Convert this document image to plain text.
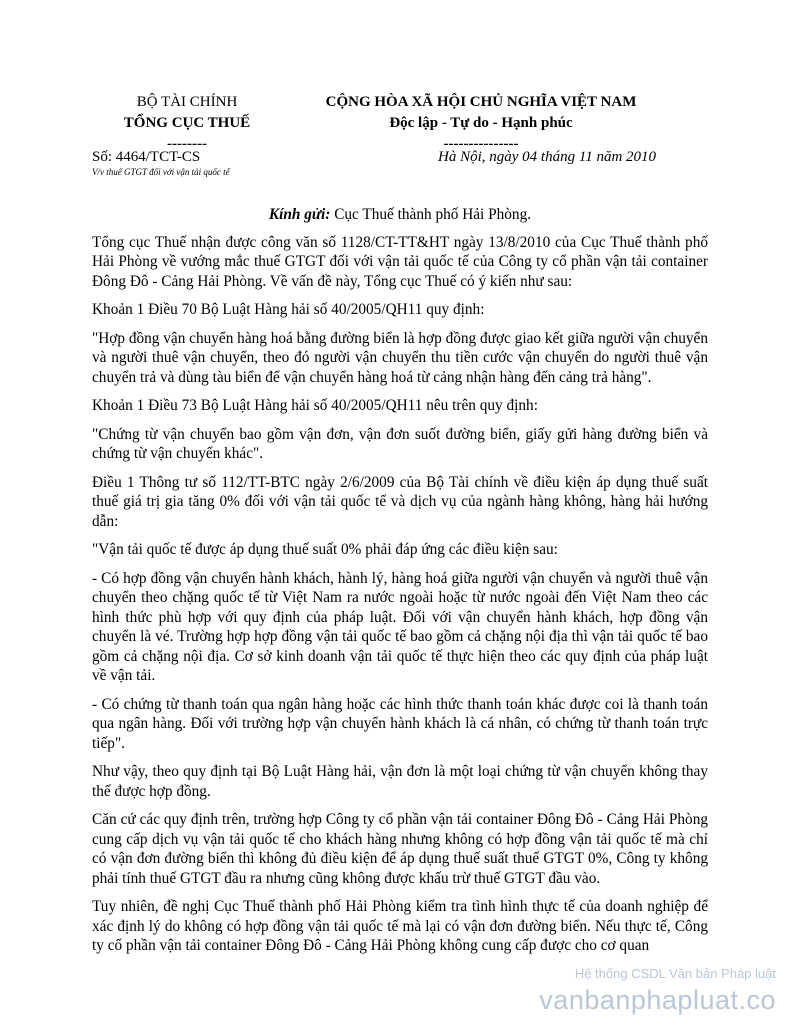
BỘ TÀI CHÍNH
TỔNG CỤC THUẾ
--------
CỘNG HÒA XÃ HỘI CHỦ NGHĨA VIỆT NAM
Độc lập - Tự do - Hạnh phúc
---------------
Số: 4464/TCT-CS
V/v thuế GTGT đối với vận tải quốc tế
Hà Nội, ngày 04 tháng 11 năm 2010

Kính gửi: Cục Thuế thành phố Hải Phòng.

Tổng cục Thuế nhận được công văn số 1128/CT-TT&HT ngày 13/8/2010 của Cục Thuế thành phố Hải Phòng về vướng mắc thuế GTGT đối với vận tải quốc tế của Công ty cổ phần vận tải container Đông Đô - Cảng Hải Phòng. Về vấn đề này, Tổng cục Thuế có ý kiến như sau:

Khoản 1 Điều 70 Bộ Luật Hàng hải số 40/2005/QH11 quy định:

"Hợp đồng vận chuyển hàng hoá bằng đường biển là hợp đồng được giao kết giữa người vận chuyển và người thuê vận chuyển, theo đó người vận chuyển thu tiền cước vận chuyển do người thuê vận chuyển trả và dùng tàu biển để vận chuyển hàng hoá từ cảng nhận hàng đến cảng trả hàng".

Khoản 1 Điều 73 Bộ Luật Hàng hải số 40/2005/QH11 nêu trên quy định:

"Chứng từ vận chuyển bao gồm vận đơn, vận đơn suốt đường biển, giấy gửi hàng đường biển và chứng từ vận chuyển khác".

Điều 1 Thông tư số 112/TT-BTC ngày 2/6/2009 của Bộ Tài chính về điều kiện áp dụng thuế suất thuế giá trị gia tăng 0% đối với vận tải quốc tế và dịch vụ của ngành hàng không, hàng hải hướng dẫn:

"Vận tải quốc tế được áp dụng thuế suất 0% phải đáp ứng các điều kiện sau:

- Có hợp đồng vận chuyển hành khách, hành lý, hàng hoá giữa người vận chuyển và người thuê vận chuyển theo chặng quốc tế từ Việt Nam ra nước ngoài hoặc từ nước ngoài đến Việt Nam theo các hình thức phù hợp với quy định của pháp luật. Đối với vận chuyển hành khách, hợp đồng vận chuyển là vé. Trường hợp hợp đồng vận tải quốc tế bao gồm cả chặng nội địa thì vận tải quốc tế bao gồm cả chặng nội địa. Cơ sở kinh doanh vận tải quốc tế thực hiện theo các quy định của pháp luật về vận tải.

- Có chứng từ thanh toán qua ngân hàng hoặc các hình thức thanh toán khác được coi là thanh toán qua ngân hàng. Đối với trường hợp vận chuyển hành khách là cá nhân, có chứng từ thanh toán trực tiếp".

Như vậy, theo quy định tại Bộ Luật Hàng hải, vận đơn là một loại chứng từ vận chuyển không thay thế được hợp đồng.

Căn cứ các quy định trên, trường hợp Công ty cổ phần vận tải container Đông Đô - Cảng Hải Phòng cung cấp dịch vụ vận tải quốc tế cho khách hàng nhưng không có hợp đồng vận tải quốc tế mà chỉ có vận đơn đường biển thì không đủ điều kiện để áp dụng thuế suất thuế GTGT 0%, Công ty không phải tính thuế GTGT đầu ra nhưng cũng không được khấu trừ thuế GTGT đầu vào.

Tuy nhiên, đề nghị Cục Thuế thành phố Hải Phòng kiểm tra tình hình thực tế của doanh nghiệp để xác định lý do không có hợp đồng vận tải quốc tế mà lại có vận đơn đường biển. Nếu thực tế, Công ty cổ phần vận tải container Đông Đô - Cảng Hải Phòng không cung cấp được cho cơ quan

Hệ thống CSDL Văn bản Pháp luật
vanbanphapluat.co
